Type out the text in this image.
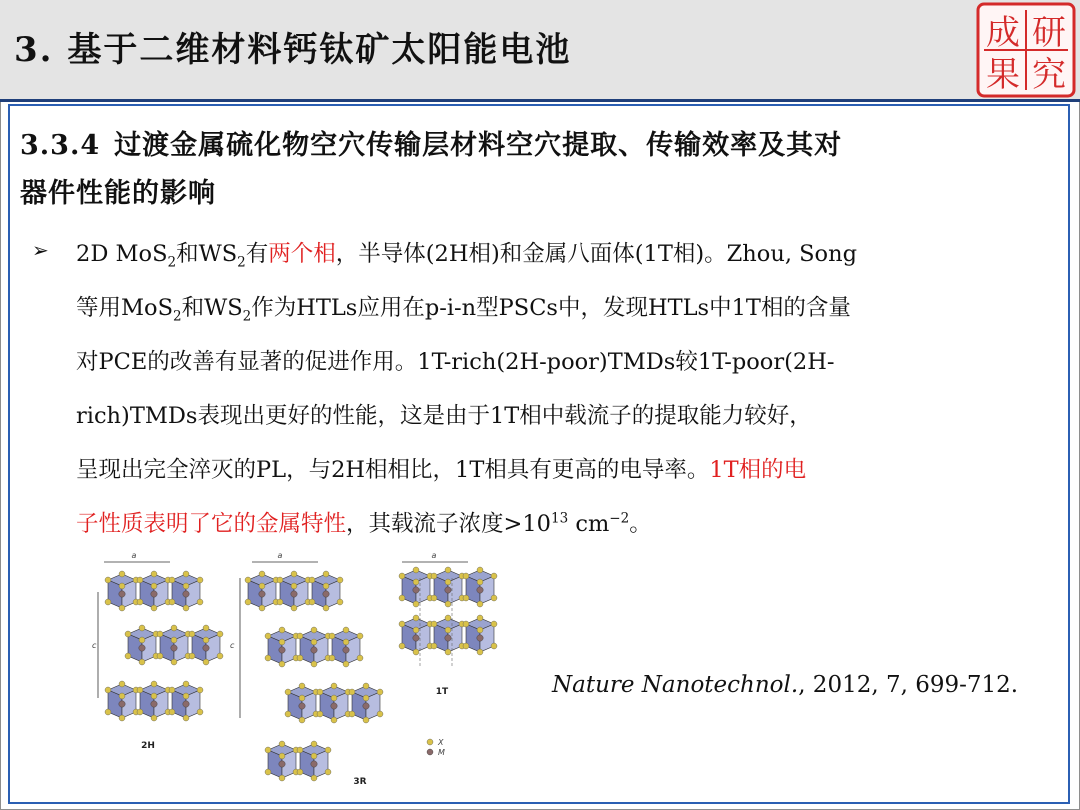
3. 基于二维材料钙钛矿太阳能电池	成 研
果 究
3.3.4 过渡金属硫化物空穴传输层材料空穴提取、传输效率及其对
器件性能的影响
➢ 2D MoS$_2$和$WS_2$有两个相，半导体(2H相)和金属八面体(1T相)。Zhou, Song
等用MoS$_2$和$WS_2$作为HTLs应用在p-i-n型PSCs中，发现HTLs中1T相的含量
对PCE的改善有显著的促进作用。1T-rich(2H-poor)TMDs较1T-poor(2H-
rich)TMDs表现出更好的性能，这是由于1T相中载流子的提取能力较好，
呈现出完全淬灭的PL，与2H相相比，1T相具有更高的电导率。1T相的电
子性质表明了它的金属特性，其载流子浓度$>10^{13}$ $cm^{-2}$。
a
c
2H
a
c
3R
a
1T
X
M
Nature Nanotechnol., 2012, 7, 699-712.
